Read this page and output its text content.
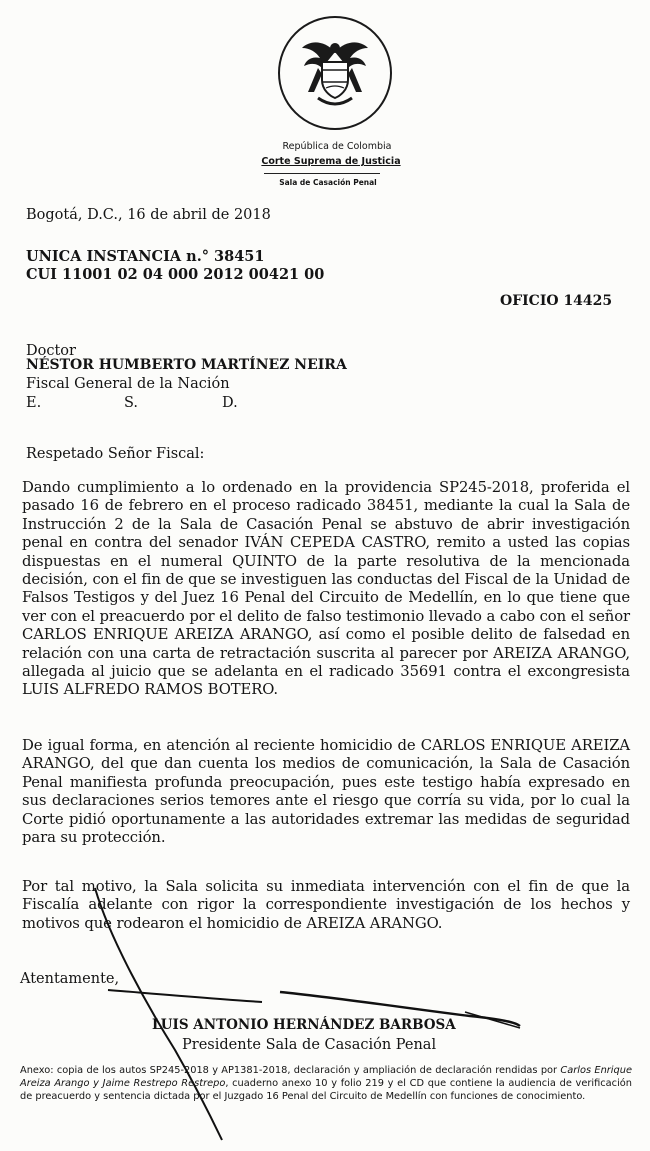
República de Colombia
Corte Suprema de Justicia
Sala de Casación Penal
Bogotá, D.C., 16 de abril de 2018
UNICA INSTANCIA n.° 38451
CUI 11001 02 04 000 2012 00421 00
OFICIO 14425
Doctor
NÉSTOR HUMBERTO MARTÍNEZ NEIRA
Fiscal General de la Nación
E.	S.	D.
Respetado Señor Fiscal:
Dando cumplimiento a lo ordenado en la providencia SP245-2018, proferida el pasado 16 de febrero en el proceso radicado 38451, mediante la cual la Sala de Instrucción 2 de la Sala de Casación Penal se abstuvo de abrir investigación penal en contra del senador IVÁN CEPEDA CASTRO, remito a usted las copias dispuestas en el numeral QUINTO de la parte resolutiva de la mencionada decisión, con el fin de que se investiguen las conductas del Fiscal de la Unidad de Falsos Testigos y del Juez 16 Penal del Circuito de Medellín, en lo que tiene que ver con el preacuerdo por el delito de falso testimonio llevado a cabo con el señor CARLOS ENRIQUE AREIZA ARANGO, así como el posible delito de falsedad en relación con una carta de retractación suscrita al parecer por AREIZA ARANGO, allegada al juicio que se adelanta en el radicado 35691 contra el excongresista LUIS ALFREDO RAMOS BOTERO.
De igual forma, en atención al reciente homicidio de CARLOS ENRIQUE AREIZA ARANGO, del que dan cuenta los medios de comunicación, la Sala de Casación Penal manifiesta profunda preocupación, pues este testigo había expresado en sus declaraciones serios temores ante el riesgo que corría su vida, por lo cual la Corte pidió oportunamente a las autoridades extremar las medidas de seguridad para su protección.
Por tal motivo, la Sala solicita su inmediata intervención con el fin de que la Fiscalía adelante con rigor la correspondiente investigación de los hechos y motivos que rodearon el homicidio de AREIZA ARANGO.
Atentamente,
LUIS ANTONIO HERNÁNDEZ BARBOSA
Presidente Sala de Casación Penal
Anexo: copia de los autos SP245-2018 y AP1381-2018, declaración y ampliación de declaración rendidas por Carlos Enrique Areiza Arango y Jaime Restrepo Restrepo, cuaderno anexo 10 y folio 219 y el CD que contiene la audiencia de verificación de preacuerdo y sentencia dictada por el Juzgado 16 Penal del Circuito de Medellín con funciones de conocimiento.
